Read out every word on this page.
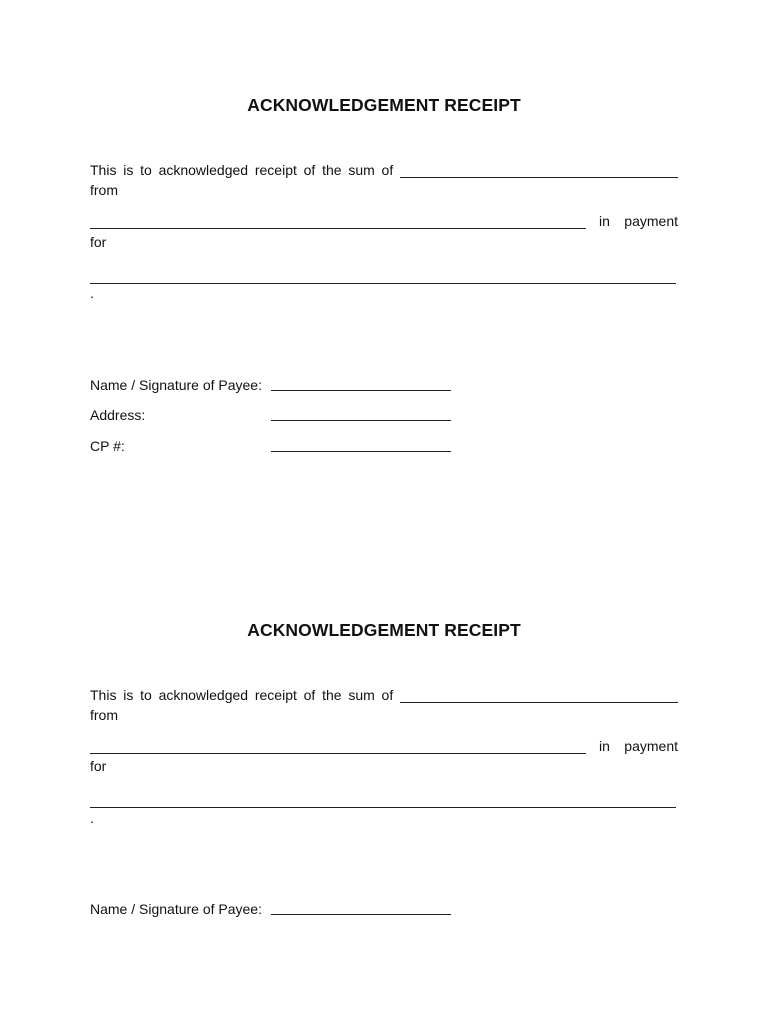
ACKNOWLEDGEMENT RECEIPT
This is to acknowledged receipt of the sum of
from
in payment
for
.
Name / Signature of Payee:
Address:
CP #:
ACKNOWLEDGEMENT RECEIPT
This is to acknowledged receipt of the sum of
from
in payment
for
.
Name / Signature of Payee:
